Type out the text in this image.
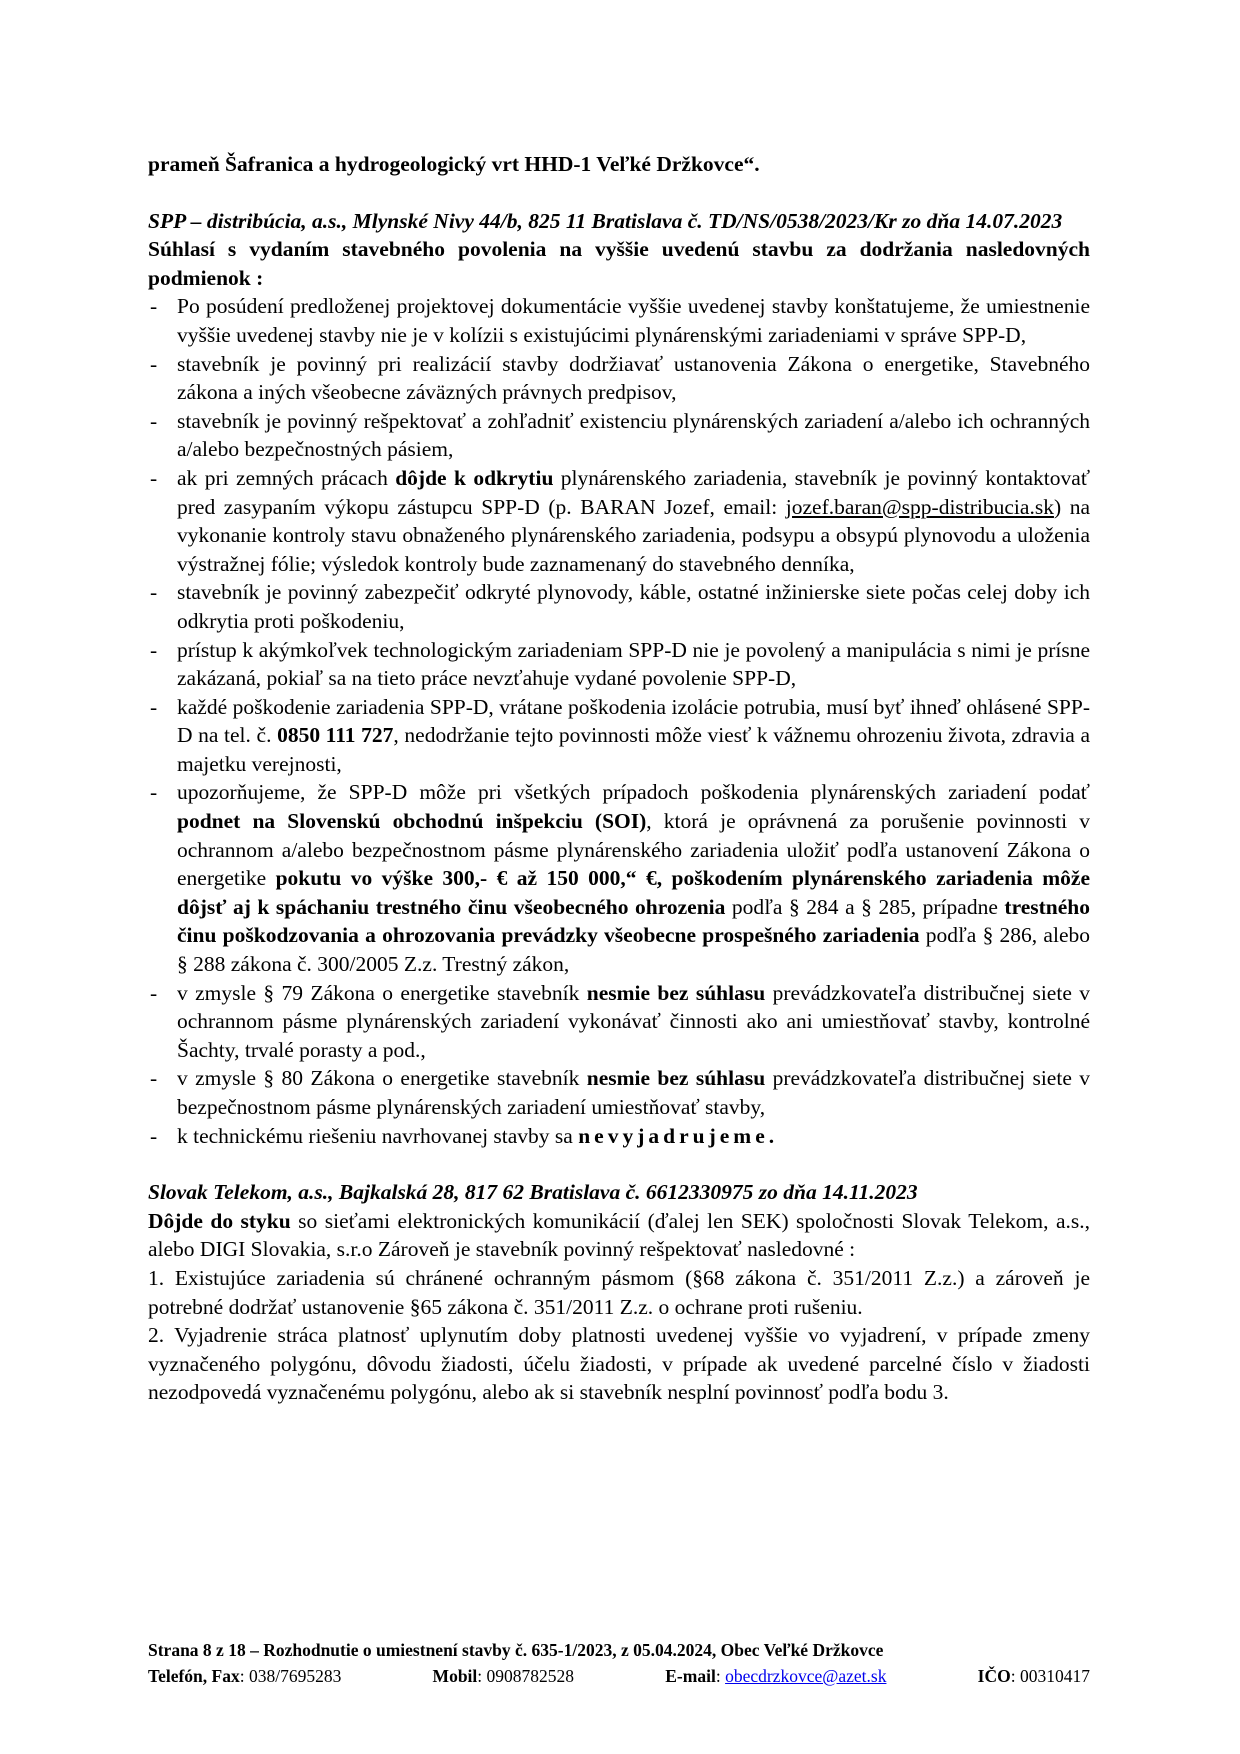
prameň Šafranica a hydrogeologický vrt HHD-1 Veľké Držkovce“.

SPP – distribúcia, a.s., Mlynské Nivy 44/b, 825 11 Bratislava č. TD/NS/0538/2023/Kr zo dňa 14.07.2023

Súhlasí s vydaním stavebného povolenia na vyššie uvedenú stavbu za dodržania nasledovných podmienok :

- Po posúdení predloženej projektovej dokumentácie vyššie uvedenej stavby konštatujeme, že umiestnenie vyššie uvedenej stavby nie je v kolízii s existujúcimi plynárenskými zariadeniami v správe SPP-D,
- stavebník je povinný pri realizácií stavby dodržiavať ustanovenia Zákona o energetike, Stavebného zákona a iných všeobecne záväzných právnych predpisov,
- stavebník je povinný rešpektovať a zohľadniť existenciu plynárenských zariadení a/alebo ich ochranných a/alebo bezpečnostných pásiem,
- ak pri zemných prácach dôjde k odkrytiu plynárenského zariadenia, stavebník je povinný kontaktovať pred zasypaním výkopu zástupcu SPP-D (p. BARAN Jozef, email: jozef.baran@spp-distribucia.sk) na vykonanie kontroly stavu obnaženého plynárenského zariadenia, podsypu a obsypú plynovodu a uloženia výstražnej fólie; výsledok kontroly bude zaznamenaný do stavebného denníka,
- stavebník je povinný zabezpečiť odkryté plynovody, káble, ostatné inžinierske siete počas celej doby ich odkrytia proti poškodeniu,
- prístup k akýmkoľvek technologickým zariadeniam SPP-D nie je povolený a manipulácia s nimi je prísne zakázaná, pokiaľ sa na tieto práce nevzťahuje vydané povolenie SPP-D,
- každé poškodenie zariadenia SPP-D, vrátane poškodenia izolácie potrubia, musí byť ihneď ohlásené SPP-D na tel. č. 0850 111 727, nedodržanie tejto povinnosti môže viesť k vážnemu ohrozeniu života, zdravia a majetku verejnosti,
- upozorňujeme, že SPP-D môže pri všetkých prípadoch poškodenia plynárenských zariadení podať podnet na Slovenskú obchodnú inšpekciu (SOI), ktorá je oprávnená za porušenie povinnosti v ochrannom a/alebo bezpečnostnom pásme plynárenského zariadenia uložiť podľa ustanovení Zákona o energetike pokutu vo výške 300,- € až 150 000,“ €, poškodením plynárenského zariadenia môže dôjsť aj k spáchaniu trestného činu všeobecného ohrozenia podľa § 284 a § 285, prípadne trestného činu poškodzovania a ohrozovania prevádzky všeobecne prospešného zariadenia podľa § 286, alebo § 288 zákona č. 300/2005 Z.z. Trestný zákon,
- v zmysle § 79 Zákona o energetike stavebník nesmie bez súhlasu prevádzkovateľa distribučnej siete v ochrannom pásme plynárenských zariadení vykonávať činnosti ako ani umiestňovať stavby, kontrolné Šachty, trvalé porasty a pod.,
- v zmysle § 80 Zákona o energetike stavebník nesmie bez súhlasu prevádzkovateľa distribučnej siete v bezpečnostnom pásme plynárenských zariadení umiestňovať stavby,
- k technickému riešeniu navrhovanej stavby sa nevyjadrujeme.

Slovak Telekom, a.s., Bajkalská 28, 817 62 Bratislava č. 6612330975 zo dňa 14.11.2023

Dôjde do styku so sieťami elektronických komunikácií (ďalej len SEK) spoločnosti Slovak Telekom, a.s., alebo DIGI Slovakia, s.r.o Zároveň je stavebník povinný rešpektovať nasledovné :

1. Existujúce zariadenia sú chránené ochranným pásmom (§68 zákona č. 351/2011 Z.z.) a zároveň je potrebné dodržať ustanovenie §65 zákona č. 351/2011 Z.z. o ochrane proti rušeniu.

2. Vyjadrenie stráca platnosť uplynutím doby platnosti uvedenej vyššie vo vyjadrení, v prípade zmeny vyznačeného polygónu, dôvodu žiadosti, účelu žiadosti, v prípade ak uvedené parcelné číslo v žiadosti nezodpovedá vyznačenému polygónu, alebo ak si stavebník nesplní povinnosť podľa bodu 3.

Strana 8 z 18 – Rozhodnutie o umiestnení stavby č. 635-1/2023, z 05.04.2024, Obec Veľké Držkovce
Telefón, Fax: 038/7695283	Mobil: 0908782528	E-mail: obecdrzkovce@azet.sk	IČO: 00310417
